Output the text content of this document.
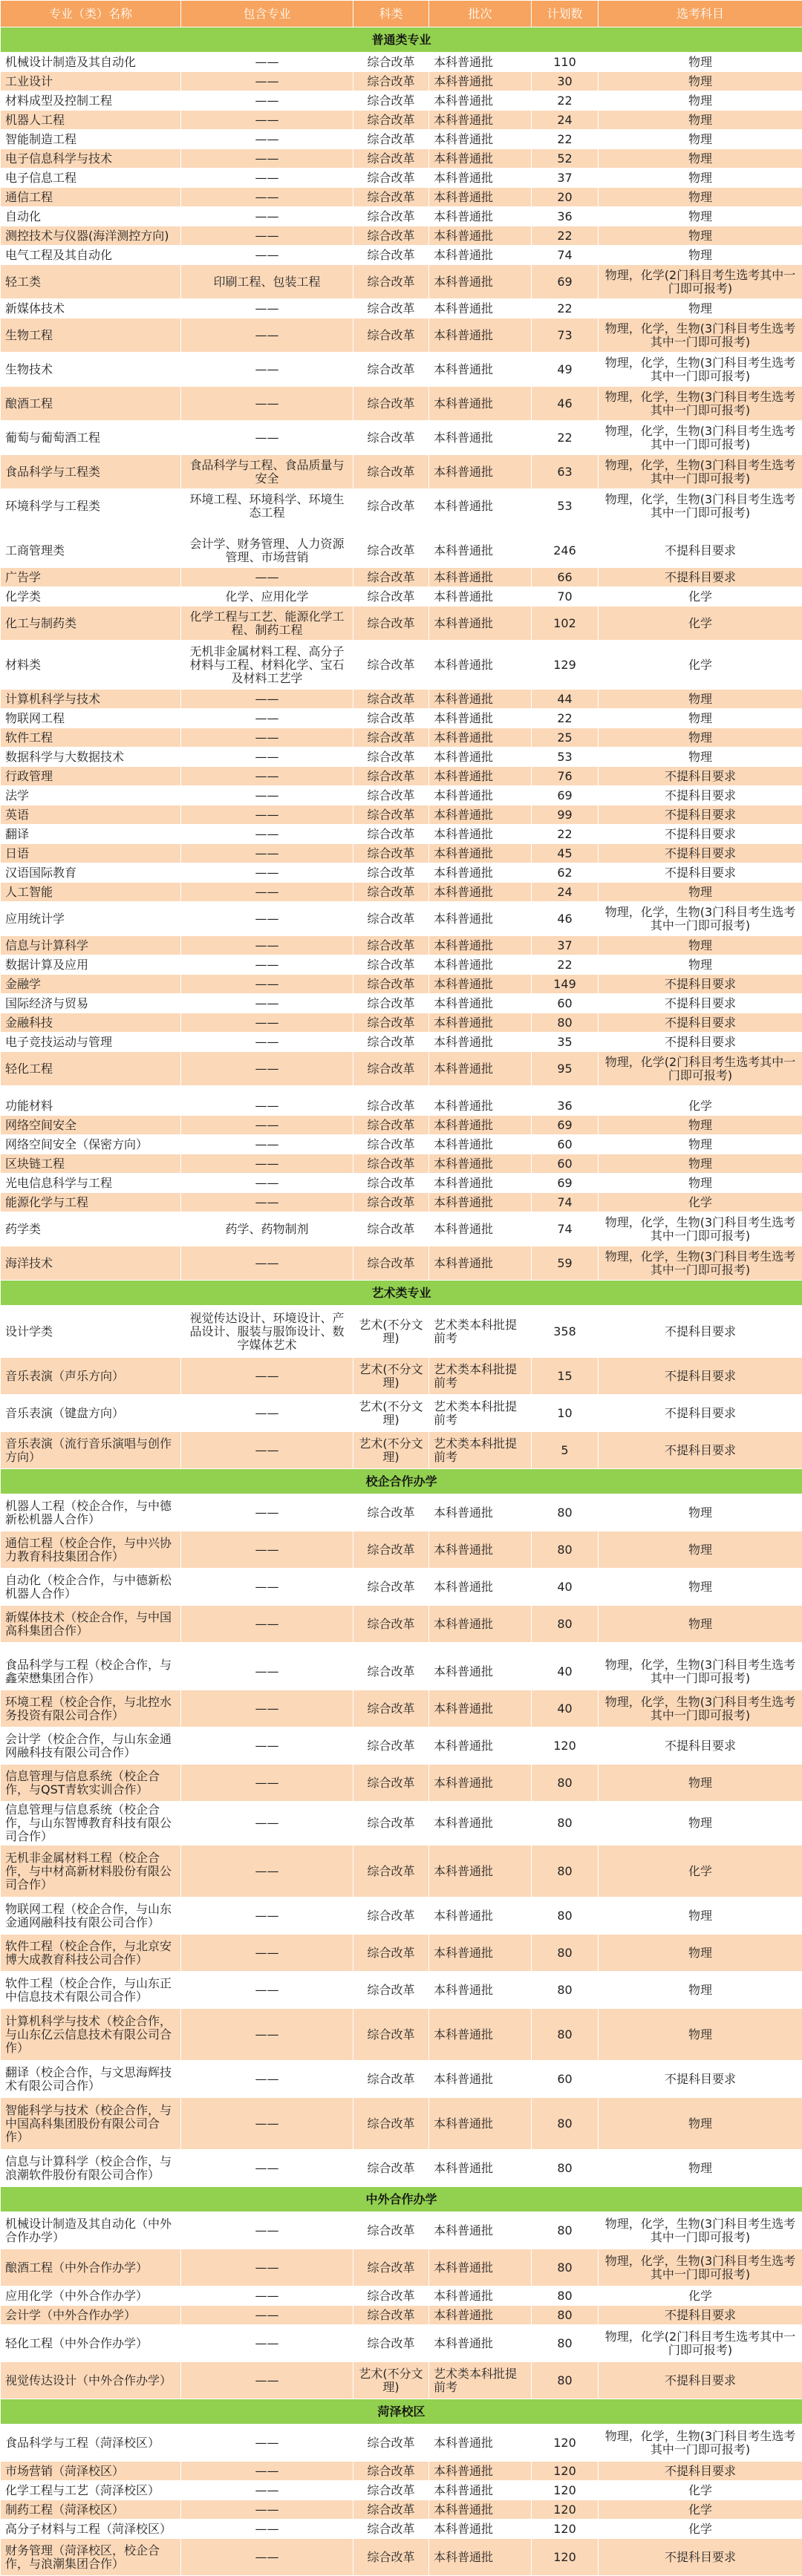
专业（类）名称	包含专业	科类	批次	计划数	选考科目
普通类专业					
机械设计制造及其自动化	——	综合改革	本科普通批	110	物理
工业设计	——	综合改革	本科普通批	30	物理
材料成型及控制工程	——	综合改革	本科普通批	22	物理
机器人工程	——	综合改革	本科普通批	24	物理
智能制造工程	——	综合改革	本科普通批	22	物理
电子信息科学与技术	——	综合改革	本科普通批	52	物理
电子信息工程	——	综合改革	本科普通批	37	物理
通信工程	——	综合改革	本科普通批	20	物理
自动化	——	综合改革	本科普通批	36	物理
测控技术与仪器(海洋测控方向)	——	综合改革	本科普通批	22	物理
电气工程及其自动化	——	综合改革	本科普通批	74	物理
轻工类	印刷工程、包装工程	综合改革	本科普通批	69	物理，化学(2门科目考生选考其中一门即可报考)
新媒体技术	——	综合改革	本科普通批	22	物理
生物工程	——	综合改革	本科普通批	73	物理，化学，生物(3门科目考生选考其中一门即可报考)
生物技术	——	综合改革	本科普通批	49	物理，化学，生物(3门科目考生选考其中一门即可报考)
酿酒工程	——	综合改革	本科普通批	46	物理，化学，生物(3门科目考生选考其中一门即可报考)
葡萄与葡萄酒工程	——	综合改革	本科普通批	22	物理，化学，生物(3门科目考生选考其中一门即可报考)
食品科学与工程类	食品科学与工程、食品质量与安全	综合改革	本科普通批	63	物理，化学，生物(3门科目考生选考其中一门即可报考)
环境科学与工程类	环境工程、环境科学、环境生态工程	综合改革	本科普通批	53	物理，化学，生物(3门科目考生选考其中一门即可报考)

工商管理类	会计学、财务管理、人力资源管理、市场营销	综合改革	本科普通批	246	不提科目要求
广告学	——	综合改革	本科普通批	66	不提科目要求
化学类	化学、应用化学	综合改革	本科普通批	70	化学
化工与制药类	化学工程与工艺、能源化学工程、制药工程	综合改革	本科普通批	102	化学
材料类	无机非金属材料工程、高分子材料与工程、材料化学、宝石及材料工艺学	综合改革	本科普通批	129	化学
计算机科学与技术	——	综合改革	本科普通批	44	物理
物联网工程	——	综合改革	本科普通批	22	物理
软件工程	——	综合改革	本科普通批	25	物理
数据科学与大数据技术	——	综合改革	本科普通批	53	物理
行政管理	——	综合改革	本科普通批	76	不提科目要求
法学	——	综合改革	本科普通批	69	不提科目要求
英语	——	综合改革	本科普通批	99	不提科目要求
翻译	——	综合改革	本科普通批	22	不提科目要求
日语	——	综合改革	本科普通批	45	不提科目要求
汉语国际教育	——	综合改革	本科普通批	62	不提科目要求
人工智能	——	综合改革	本科普通批	24	物理
应用统计学	——	综合改革	本科普通批	46	物理，化学，生物(3门科目考生选考其中一门即可报考)
信息与计算科学	——	综合改革	本科普通批	37	物理
数据计算及应用	——	综合改革	本科普通批	22	物理
金融学	——	综合改革	本科普通批	149	不提科目要求
国际经济与贸易	——	综合改革	本科普通批	60	不提科目要求
金融科技	——	综合改革	本科普通批	80	不提科目要求
电子竞技运动与管理	——	综合改革	本科普通批	35	不提科目要求
轻化工程	——	综合改革	本科普通批	95	物理，化学(2门科目考生选考其中一门即可报考)

功能材料	——	综合改革	本科普通批	36	化学
网络空间安全	——	综合改革	本科普通批	69	物理
网络空间安全（保密方向）	——	综合改革	本科普通批	60	物理
区块链工程	——	综合改革	本科普通批	60	物理
光电信息科学与工程	——	综合改革	本科普通批	69	物理
能源化学与工程	——	综合改革	本科普通批	74	化学
药学类	药学、药物制剂	综合改革	本科普通批	74	物理，化学，生物(3门科目考生选考其中一门即可报考)
海洋技术	——	综合改革	本科普通批	59	物理，化学，生物(3门科目考生选考其中一门即可报考)
艺术类专业					
设计学类	视觉传达设计、环境设计、产品设计、服装与服饰设计、数字媒体艺术	艺术(不分文理)	艺术类本科批提前考	358	不提科目要求
音乐表演（声乐方向）	——	艺术(不分文理)	艺术类本科批提前考	15	不提科目要求
音乐表演（键盘方向）	——	艺术(不分文理)	艺术类本科批提前考	10	不提科目要求
音乐表演（流行音乐演唱与创作方向）	——	艺术(不分文理)	艺术类本科批提前考	5	不提科目要求
校企合作办学					
机器人工程（校企合作，与中德新松机器人合作）	——	综合改革	本科普通批	80	物理
通信工程（校企合作，与中兴协力教育科技集团合作）	——	综合改革	本科普通批	80	物理
自动化（校企合作，与中德新松机器人合作）	——	综合改革	本科普通批	40	物理
新媒体技术（校企合作，与中国高科集团合作）	——	综合改革	本科普通批	80	物理

食品科学与工程（校企合作，与鑫荣懋集团合作）	——	综合改革	本科普通批	40	物理，化学，生物(3门科目考生选考其中一门即可报考)
环境工程（校企合作，与北控水务投资有限公司合作）	——	综合改革	本科普通批	40	物理，化学，生物(3门科目考生选考其中一门即可报考)
会计学（校企合作，与山东金通网融科技有限公司合作）	——	综合改革	本科普通批	120	不提科目要求
信息管理与信息系统（校企合作，与QST青软实训合作）	——	综合改革	本科普通批	80	物理
信息管理与信息系统（校企合作，与山东智博教育科技有限公司合作）	——	综合改革	本科普通批	80	物理
无机非金属材料工程（校企合作，与中材高新材料股份有限公司合作）	——	综合改革	本科普通批	80	化学
物联网工程（校企合作，与山东金通网融科技有限公司合作）	——	综合改革	本科普通批	80	物理
软件工程（校企合作，与北京安博大成教育科技公司合作）	——	综合改革	本科普通批	80	物理
软件工程（校企合作，与山东正中信息技术有限公司合作）	——	综合改革	本科普通批	80	物理
计算机科学与技术（校企合作，与山东亿云信息技术有限公司合作）	——	综合改革	本科普通批	80	物理
翻译（校企合作，与文思海辉技术有限公司合作）	——	综合改革	本科普通批	60	不提科目要求
智能科学与技术（校企合作，与中国高科集团股份有限公司合作）	——	综合改革	本科普通批	80	物理
信息与计算科学（校企合作，与浪潮软件股份有限公司合作）	——	综合改革	本科普通批	80	物理
中外合作办学					
机械设计制造及其自动化（中外合作办学）	——	综合改革	本科普通批	80	物理，化学，生物(3门科目考生选考其中一门即可报考)
酿酒工程（中外合作办学）	——	综合改革	本科普通批	80	物理，化学，生物(3门科目考生选考其中一门即可报考)
应用化学（中外合作办学）	——	综合改革	本科普通批	80	化学
会计学（中外合作办学）	——	综合改革	本科普通批	80	不提科目要求
轻化工程（中外合作办学）	——	综合改革	本科普通批	80	物理，化学(2门科目考生选考其中一门即可报考)
视觉传达设计（中外合作办学）	——	艺术(不分文理)	艺术类本科批提前考	80	不提科目要求
菏泽校区					
食品科学与工程（菏泽校区）	——	综合改革	本科普通批	120	物理，化学，生物(3门科目考生选考其中一门即可报考)
市场营销（菏泽校区）	——	综合改革	本科普通批	120	不提科目要求
化学工程与工艺（菏泽校区）	——	综合改革	本科普通批	120	化学
制药工程（菏泽校区）	——	综合改革	本科普通批	120	化学
高分子材料与工程（菏泽校区）	——	综合改革	本科普通批	120	化学
财务管理（菏泽校区，校企合作，与浪潮集团合作）	——	综合改革	本科普通批	120	不提科目要求
